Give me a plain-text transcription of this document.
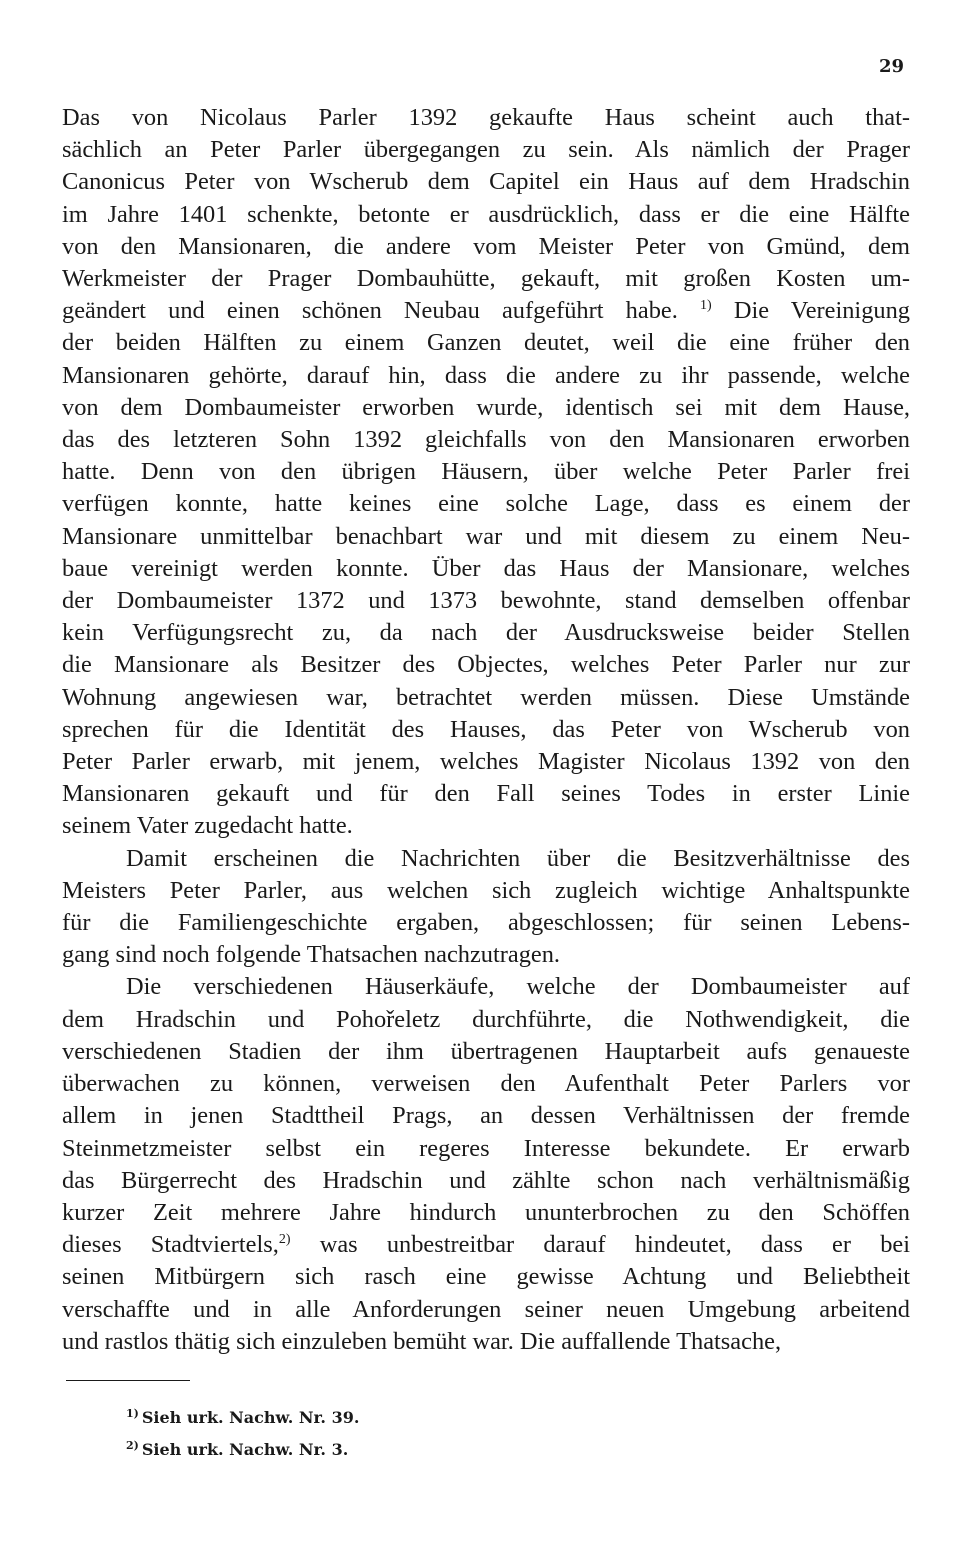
29

Das von Nicolaus Parler 1392 gekaufte Haus scheint auch that-
sächlich an Peter Parler übergegangen zu sein. Als nämlich der Prager
Canonicus Peter von Wscherub dem Capitel ein Haus auf dem Hradschin
im Jahre 1401 schenkte, betonte er ausdrücklich, dass er die eine Hälfte
von den Mansionaren, die andere vom Meister Peter von Gmünd, dem
Werkmeister der Prager Dombauhütte, gekauft, mit großen Kosten um-
geändert und einen schönen Neubau aufgeführt habe. $^{1)}$ Die Vereinigung
der beiden Hälften zu einem Ganzen deutet, weil die eine früher den
Mansionaren gehörte, darauf hin, dass die andere zu ihr passende, welche
von dem Dombaumeister erworben wurde, identisch sei mit dem Hause,
das des letzteren Sohn 1392 gleichfalls von den Mansionaren erworben
hatte. Denn von den übrigen Häusern, über welche Peter Parler frei
verfügen konnte, hatte keines eine solche Lage, dass es einem der
Mansionare unmittelbar benachbart war und mit diesem zu einem Neu-
baue vereinigt werden konnte. Über das Haus der Mansionare, welches
der Dombaumeister 1372 und 1373 bewohnte, stand demselben offenbar
kein Verfügungsrecht zu, da nach der Ausdrucksweise beider Stellen
die Mansionare als Besitzer des Objectes, welches Peter Parler nur zur
Wohnung angewiesen war, betrachtet werden müssen. Diese Umstände
sprechen für die Identität des Hauses, das Peter von Wscherub von
Peter Parler erwarb, mit jenem, welches Magister Nicolaus 1392 von den
Mansionaren gekauft und für den Fall seines Todes in erster Linie
seinem Vater zugedacht hatte.

Damit erscheinen die Nachrichten über die Besitzverhältnisse des
Meisters Peter Parler, aus welchen sich zugleich wichtige Anhaltspunkte
für die Familiengeschichte ergaben, abgeschlossen; für seinen Lebens-
gang sind noch folgende Thatsachen nachzutragen.

Die verschiedenen Häuserkäufe, welche der Dombaumeister auf
dem Hradschin und Pohořeletz durchführte, die Nothwendigkeit, die
verschiedenen Stadien der ihm übertragenen Hauptarbeit aufs genaueste
überwachen zu können, verweisen den Aufenthalt Peter Parlers vor
allem in jenen Stadttheil Prags, an dessen Verhältnissen der fremde
Steinmetzmeister selbst ein regeres Interesse bekundete. Er erwarb
das Bürgerrecht des Hradschin und zählte schon nach verhältnismäßig
kurzer Zeit mehrere Jahre hindurch ununterbrochen zu den Schöffen
dieses Stadtviertels,$^{2)}$ was unbestreitbar darauf hindeutet, dass er bei
seinen Mitbürgern sich rasch eine gewisse Achtung und Beliebtheit
verschaffte und in alle Anforderungen seiner neuen Umgebung arbeitend
und rastlos thätig sich einzuleben bemüht war. Die auffallende Thatsache,

$^{1)}$ Sieh urk. Nachw. Nr. 39.
$^{2)}$ Sieh urk. Nachw. Nr. 3.
